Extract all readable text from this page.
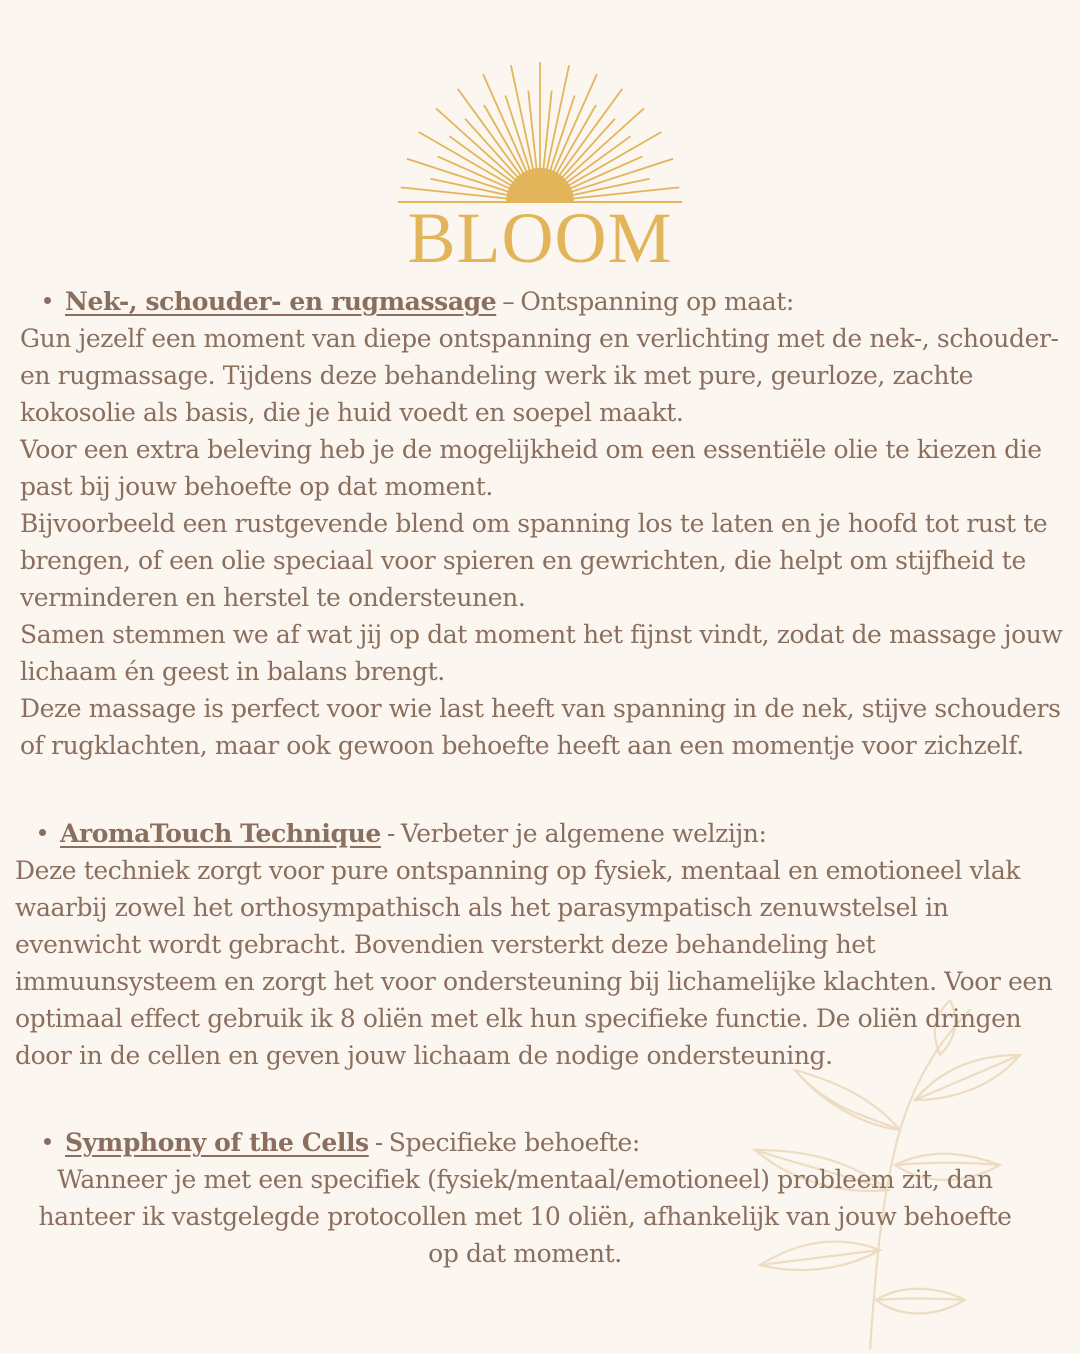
BLOOM
Nek-, schouder- en rugmassage – Ontspanning op maat:

Gun jezelf een moment van diepe ontspanning en verlichting met de nek-, schouder- en rugmassage. Tijdens deze behandeling werk ik met pure, geurloze, zachte kokosolie als basis, die je huid voedt en soepel maakt.

Voor een extra beleving heb je de mogelijkheid om een essentiële olie te kiezen die past bij jouw behoefte op dat moment.

Bijvoorbeeld een rustgevende blend om spanning los te laten en je hoofd tot rust te brengen, of een olie speciaal voor spieren en gewrichten, die helpt om stijfheid te verminderen en herstel te ondersteunen.

Samen stemmen we af wat jij op dat moment het fijnst vindt, zodat de massage jouw lichaam én geest in balans brengt.

Deze massage is perfect voor wie last heeft van spanning in de nek, stijve schouders of rugklachten, maar ook gewoon behoefte heeft aan een momentje voor zichzelf.

AromaTouch Technique - Verbeter je algemene welzijn:

Deze techniek zorgt voor pure ontspanning op fysiek, mentaal en emotioneel vlak waarbij zowel het orthosympathisch als het parasympatisch zenuwstelsel in evenwicht wordt gebracht. Bovendien versterkt deze behandeling het immuunsysteem en zorgt het voor ondersteuning bij lichamelijke klachten. Voor een optimaal effect gebruik ik 8 oliën met elk hun specifieke functie. De oliën dringen door in de cellen en geven jouw lichaam de nodige ondersteuning.

Symphony of the Cells - Specifieke behoefte:

Wanneer je met een specifiek (fysiek/mentaal/emotioneel) probleem zit, dan hanteer ik vastgelegde protocollen met 10 oliën, afhankelijk van jouw behoefte op dat moment.
